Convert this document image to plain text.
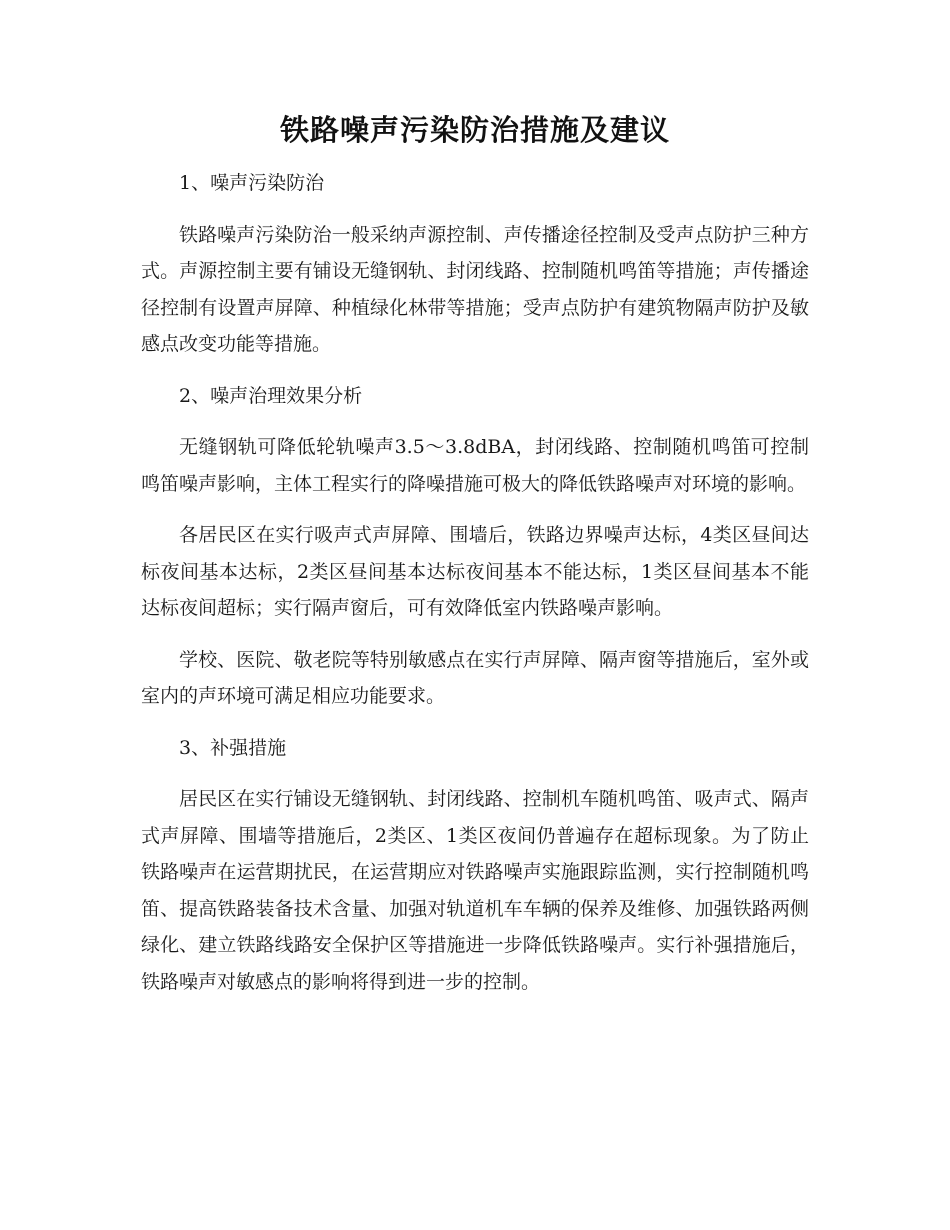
铁路噪声污染防治措施及建议

1、噪声污染防治

铁路噪声污染防治一般采纳声源控制、声传播途径控制及受声点防护三种方式。声源控制主要有铺设无缝钢轨、封闭线路、控制随机鸣笛等措施；声传播途径控制有设置声屏障、种植绿化林带等措施；受声点防护有建筑物隔声防护及敏感点改变功能等措施。

2、噪声治理效果分析

无缝钢轨可降低轮轨噪声3.5～3.8dBA，封闭线路、控制随机鸣笛可控制鸣笛噪声影响，主体工程实行的降噪措施可极大的降低铁路噪声对环境的影响。

各居民区在实行吸声式声屏障、围墙后，铁路边界噪声达标，4类区昼间达标夜间基本达标，2类区昼间基本达标夜间基本不能达标，1类区昼间基本不能达标夜间超标；实行隔声窗后，可有效降低室内铁路噪声影响。

学校、医院、敬老院等特别敏感点在实行声屏障、隔声窗等措施后，室外或室内的声环境可满足相应功能要求。

3、补强措施

居民区在实行铺设无缝钢轨、封闭线路、控制机车随机鸣笛、吸声式、隔声式声屏障、围墙等措施后，2类区、1类区夜间仍普遍存在超标现象。为了防止铁路噪声在运营期扰民，在运营期应对铁路噪声实施跟踪监测，实行控制随机鸣笛、提高铁路装备技术含量、加强对轨道机车车辆的保养及维修、加强铁路两侧绿化、建立铁路线路安全保护区等措施进一步降低铁路噪声。实行补强措施后，铁路噪声对敏感点的影响将得到进一步的控制。
